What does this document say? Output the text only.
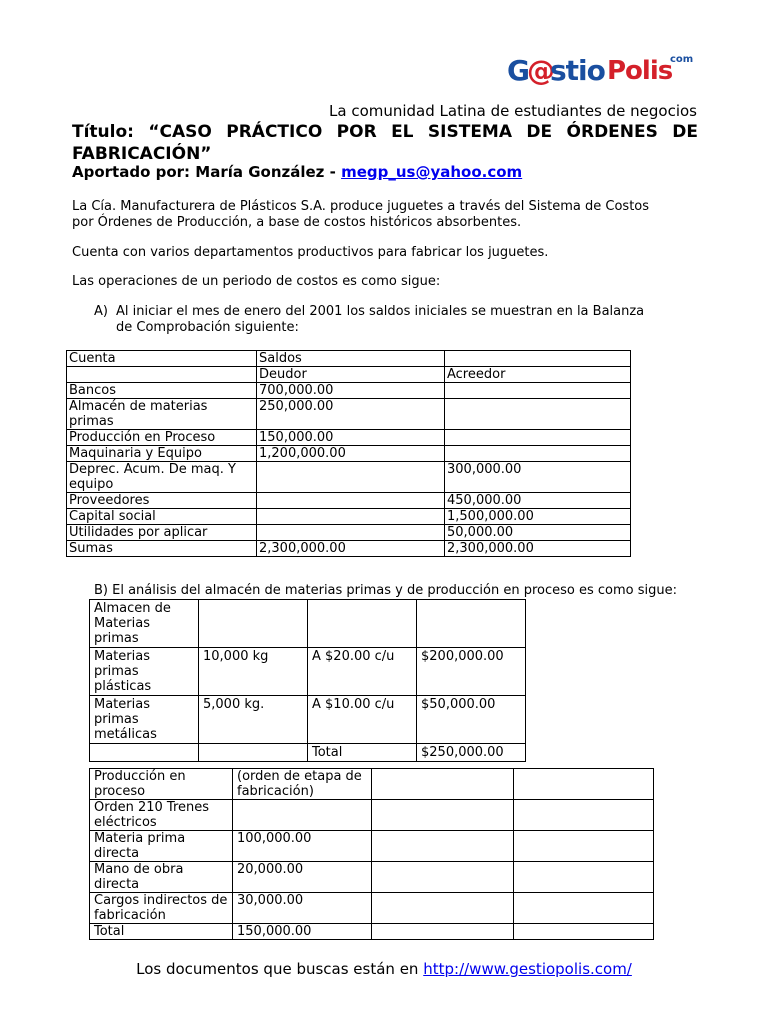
G
@
stio Polis
com
La comunidad Latina de estudiantes de negocios
Título: “CASO PRÁCTICO POR EL SISTEMA DE ÓRDENES DE FABRICACIÓN”
Aportado por: María González - megp_us@yahoo.com
La Cía. Manufacturera de Plásticos S.A. produce juguetes a través del Sistema de Costos por Órdenes de Producción, a base de costos históricos absorbentes.
Cuenta con varios departamentos productivos para fabricar los juguetes.
Las operaciones de un periodo de costos es como sigue:
A) Al iniciar el mes de enero del 2001 los saldos iniciales se muestran en la Balanza de Comprobación siguiente:
Cuenta	Saldos	
	Deudor	Acreedor
Bancos	700,000.00	
Almacén de materias primas	250,000.00	
Producción en Proceso	150,000.00	
Maquinaria y Equipo	1,200,000.00	
Deprec. Acum. De maq. Y equipo		300,000.00
Proveedores		450,000.00
Capital social		1,500,000.00
Utilidades por aplicar		50,000.00
Sumas	2,300,000.00	2,300,000.00
B) El análisis del almacén de materias primas y de producción en proceso es como sigue:
Almacen de Materias primas			
Materias primas plásticas	10,000 kg	A $20.00 c/u	$200,000.00
Materias primas metálicas	5,000 kg.	A $10.00 c/u	$50,000.00
		Total	$250,000.00
Producción en proceso	(orden de etapa de fabricación)		
Orden 210 Trenes eléctricos			
Materia prima directa	100,000.00		
Mano de obra directa	20,000.00		
Cargos indirectos de fabricación	30,000.00		
Total	150,000.00		
Los documentos que buscas están en http://www.gestiopolis.com/
